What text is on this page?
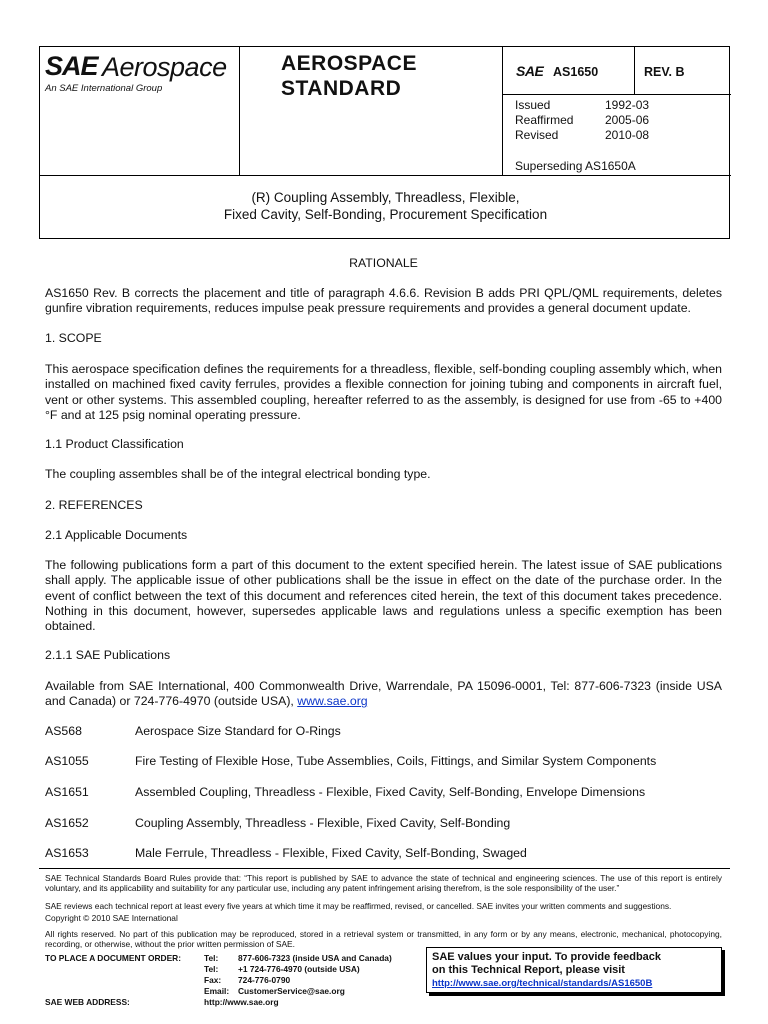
SAE Aerospace
An SAE International Group
AEROSPACE
STANDARD
SAE AS1650	REV. B
Issued	1992-03
Reaffirmed	2005-06
Revised	2010-08
Superseding AS1650A
(R) Coupling Assembly, Threadless, Flexible,
Fixed Cavity, Self-Bonding, Procurement Specification
RATIONALE
AS1650 Rev. B corrects the placement and title of paragraph 4.6.6. Revision B adds PRI QPL/QML requirements, deletes gunfire vibration requirements, reduces impulse peak pressure requirements and provides a general document update.
1. SCOPE
This aerospace specification defines the requirements for a threadless, flexible, self-bonding coupling assembly which, when installed on machined fixed cavity ferrules, provides a flexible connection for joining tubing and components in aircraft fuel, vent or other systems. This assembled coupling, hereafter referred to as the assembly, is designed for use from -65 to +400 °F and at 125 psig nominal operating pressure.
1.1 Product Classification
The coupling assembles shall be of the integral electrical bonding type.
2. REFERENCES
2.1 Applicable Documents
The following publications form a part of this document to the extent specified herein. The latest issue of SAE publications shall apply. The applicable issue of other publications shall be the issue in effect on the date of the purchase order. In the event of conflict between the text of this document and references cited herein, the text of this document takes precedence. Nothing in this document, however, supersedes applicable laws and regulations unless a specific exemption has been obtained.
2.1.1 SAE Publications
Available from SAE International, 400 Commonwealth Drive, Warrendale, PA 15096-0001, Tel: 877-606-7323 (inside USA and Canada) or 724-776-4970 (outside USA), www.sae.org
AS568	Aerospace Size Standard for O-Rings
AS1055	Fire Testing of Flexible Hose, Tube Assemblies, Coils, Fittings, and Similar System Components
AS1651	Assembled Coupling, Threadless - Flexible, Fixed Cavity, Self-Bonding, Envelope Dimensions
AS1652	Coupling Assembly, Threadless - Flexible, Fixed Cavity, Self-Bonding
AS1653	Male Ferrule, Threadless - Flexible, Fixed Cavity, Self-Bonding, Swaged
SAE Technical Standards Board Rules provide that: “This report is published by SAE to advance the state of technical and engineering sciences. The use of this report is entirely voluntary, and its applicability and suitability for any particular use, including any patent infringement arising therefrom, is the sole responsibility of the user.”
SAE reviews each technical report at least every five years at which time it may be reaffirmed, revised, or cancelled. SAE invites your written comments and suggestions.
Copyright © 2010 SAE International
All rights reserved. No part of this publication may be reproduced, stored in a retrieval system or transmitted, in any form or by any means, electronic, mechanical, photocopying, recording, or otherwise, without the prior written permission of SAE.
TO PLACE A DOCUMENT ORDER:	Tel:	877-606-7323 (inside USA and Canada)
Tel:	+1 724-776-4970 (outside USA)
Fax:	724-776-0790
Email:	CustomerService@sae.org
SAE WEB ADDRESS:	http://www.sae.org
SAE values your input. To provide feedback
on this Technical Report, please visit
http://www.sae.org/technical/standards/AS1650B
